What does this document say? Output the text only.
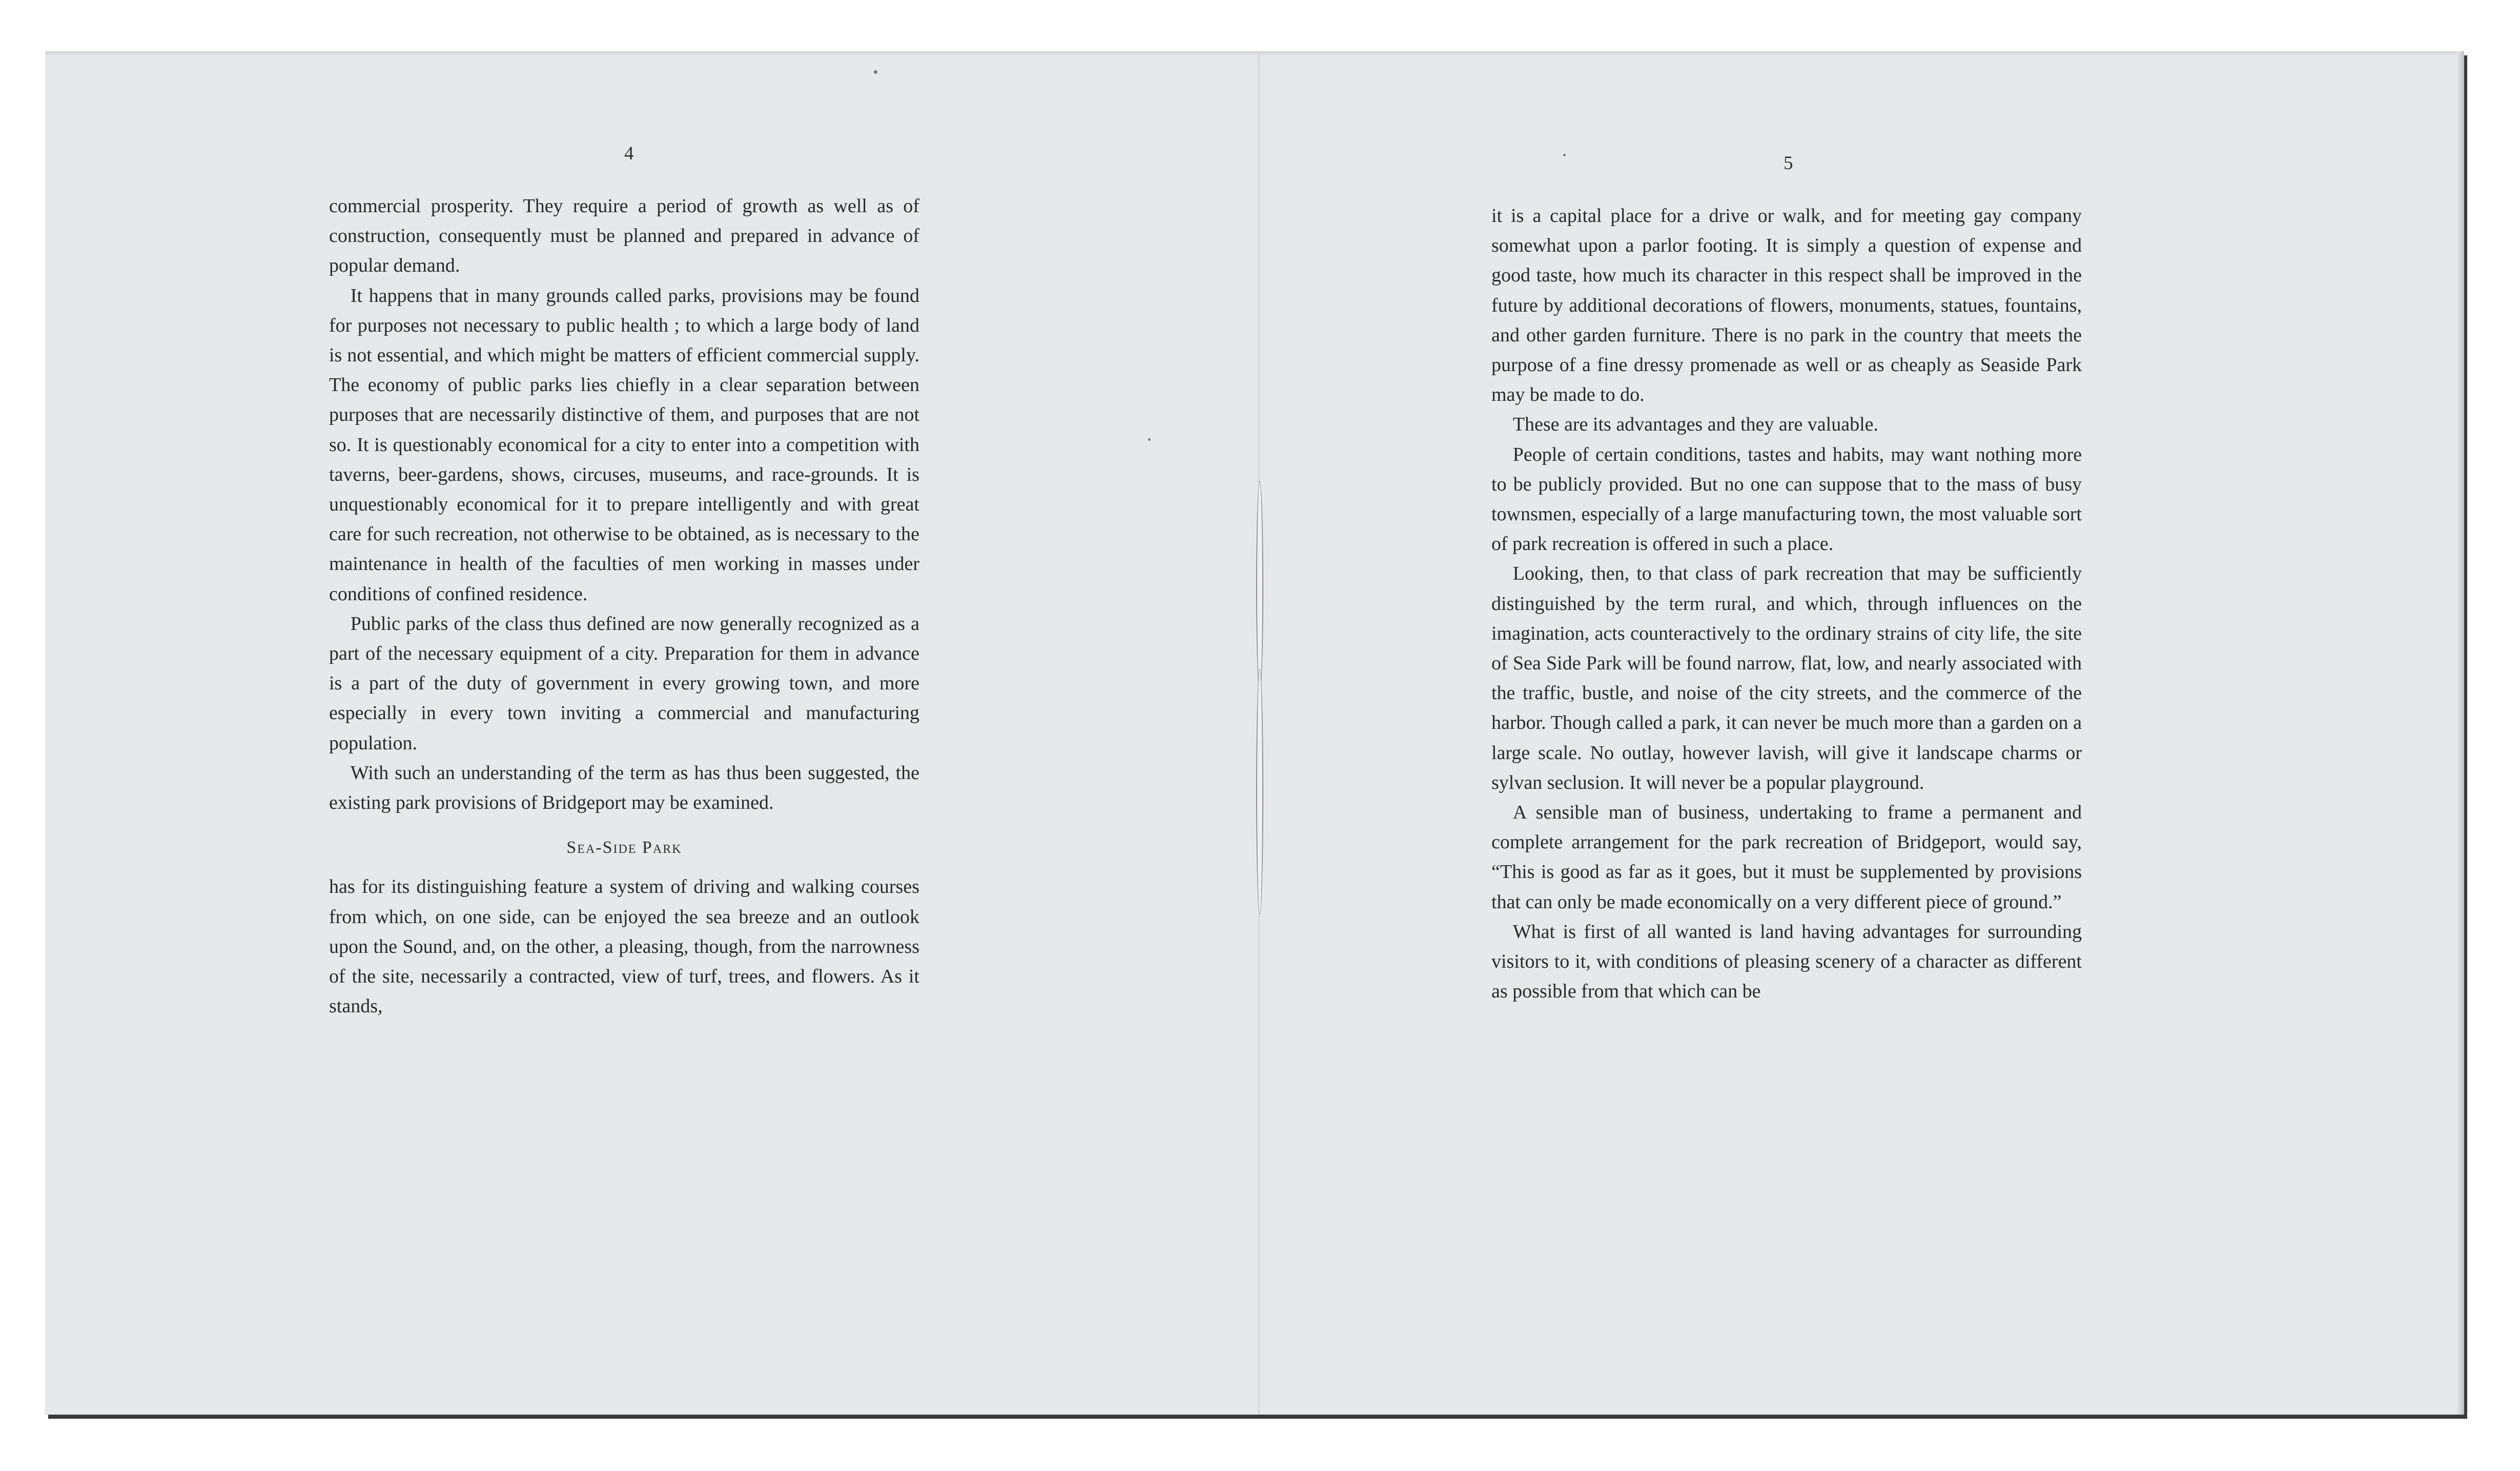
4	5

commercial prosperity. They require a period of growth as well as of construction, consequently must be planned and prepared in advance of popular demand.

It happens that in many grounds called parks, provisions may be found for purposes not necessary to public health ; to which a large body of land is not essential, and which might be matters of efficient commercial supply. The economy of public parks lies chiefly in a clear separation between purposes that are necessarily distinctive of them, and purposes that are not so. It is questionably economical for a city to enter into a competition with taverns, beer-gardens, shows, circuses, museums, and race-grounds. It is unquestionably economical for it to prepare intelligently and with great care for such recreation, not otherwise to be obtained, as is necessary to the maintenance in health of the faculties of men working in masses under conditions of confined residence.

Public parks of the class thus defined are now generally recognized as a part of the necessary equipment of a city. Preparation for them in advance is a part of the duty of government in every growing town, and more especially in every town inviting a commercial and manufacturing population.

With such an understanding of the term as has thus been suggested, the existing park provisions of Bridgeport may be examined.

Sea-Side Park

has for its distinguishing feature a system of driving and walking courses from which, on one side, can be enjoyed the sea breeze and an outlook upon the Sound, and, on the other, a pleasing, though, from the narrowness of the site, necessarily a contracted, view of turf, trees, and flowers. As it stands,

it is a capital place for a drive or walk, and for meeting gay company somewhat upon a parlor footing. It is simply a question of expense and good taste, how much its character in this respect shall be improved in the future by additional decorations of flowers, monuments, statues, fountains, and other garden furniture. There is no park in the country that meets the purpose of a fine dressy promenade as well or as cheaply as Seaside Park may be made to do.

These are its advantages and they are valuable.

People of certain conditions, tastes and habits, may want nothing more to be publicly provided. But no one can suppose that to the mass of busy townsmen, especially of a large manufacturing town, the most valuable sort of park recreation is offered in such a place.

Looking, then, to that class of park recreation that may be sufficiently distinguished by the term rural, and which, through influences on the imagination, acts counteractively to the ordinary strains of city life, the site of Sea Side Park will be found narrow, flat, low, and nearly associated with the traffic, bustle, and noise of the city streets, and the commerce of the harbor. Though called a park, it can never be much more than a garden on a large scale. No outlay, however lavish, will give it landscape charms or sylvan seclusion. It will never be a popular playground.

A sensible man of business, undertaking to frame a permanent and complete arrangement for the park recreation of Bridgeport, would say, “This is good as far as it goes, but it must be supplemented by provisions that can only be made economically on a very different piece of ground.”

What is first of all wanted is land having advantages for surrounding visitors to it, with conditions of pleasing scenery of a character as different as possible from that which can be
